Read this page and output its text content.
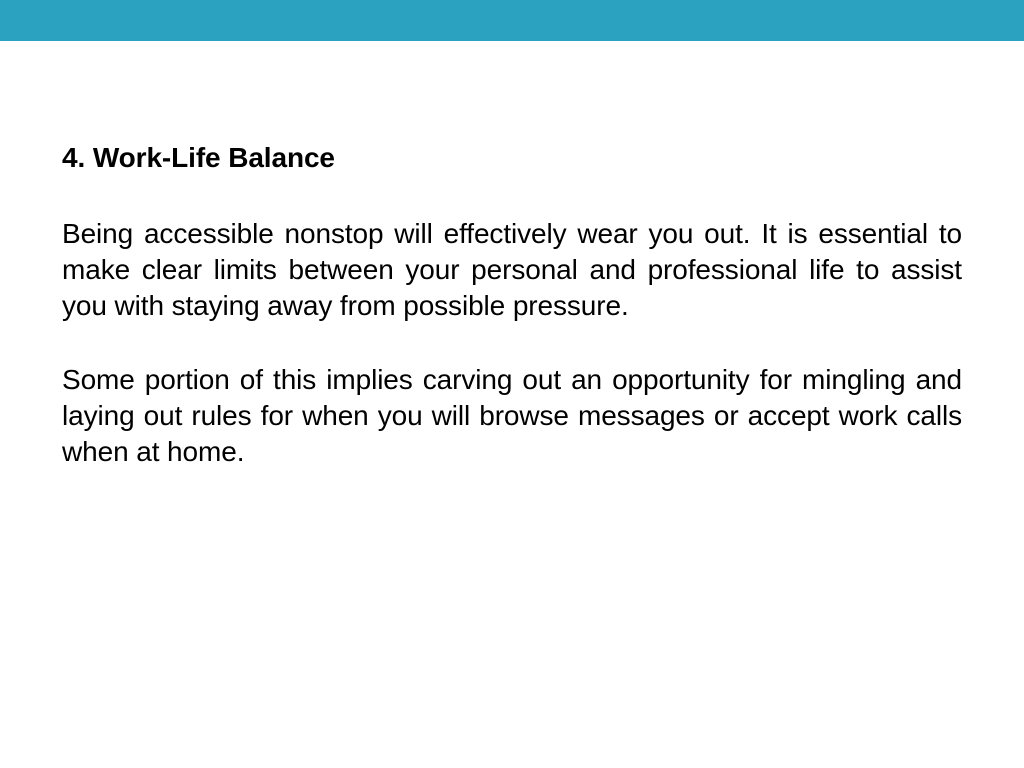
4. Work-Life Balance

Being accessible nonstop will effectively wear you out. It is essential to make clear limits between your personal and professional life to assist you with staying away from possible pressure.

Some portion of this implies carving out an opportunity for mingling and laying out rules for when you will browse messages or accept work calls when at home.
